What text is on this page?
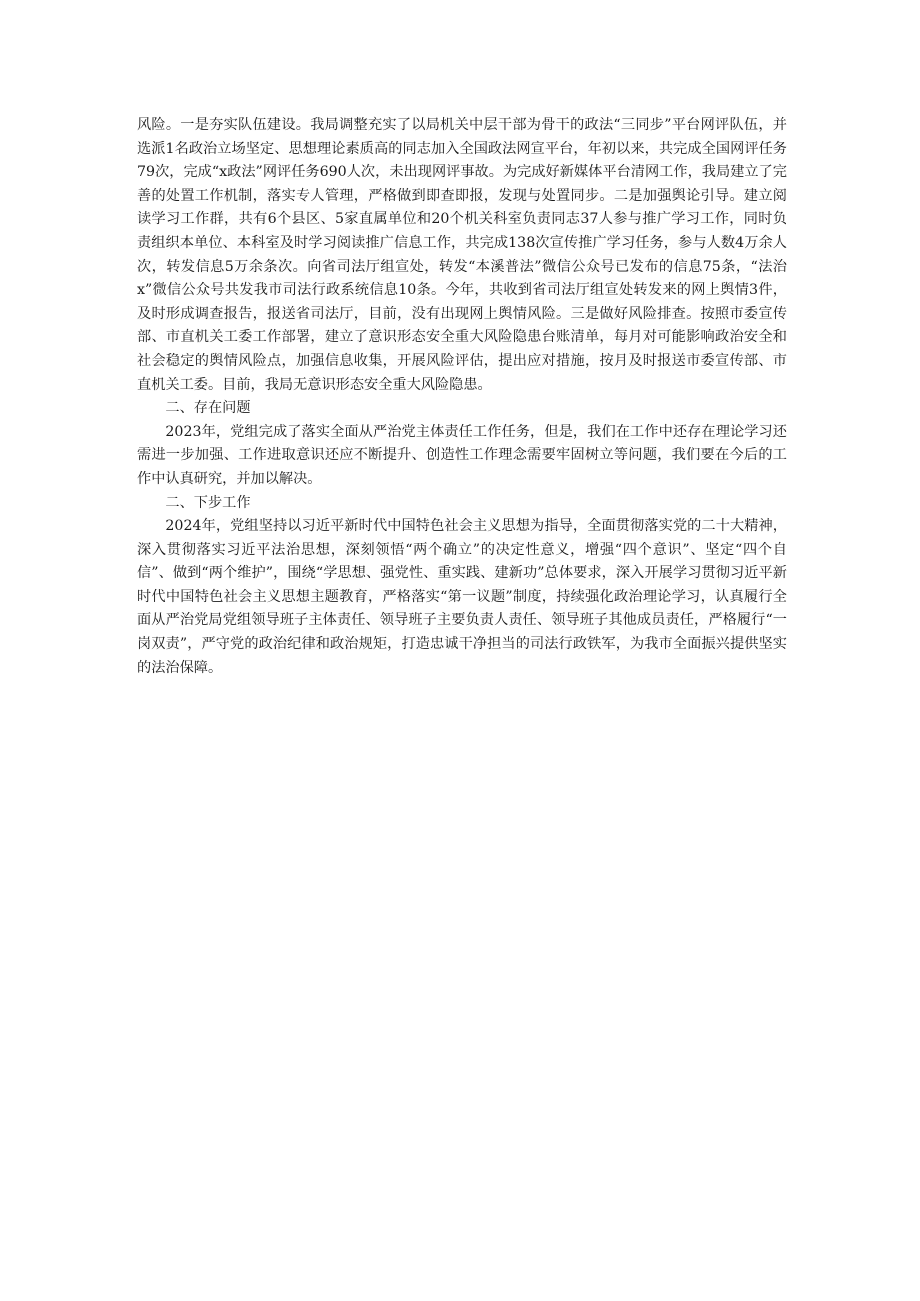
风险。一是夯实队伍建设。我局调整充实了以局机关中层干部为骨干的政法“三同步”平台网评队伍，并选派1名政治立场坚定、思想理论素质高的同志加入全国政法网宣平台，年初以来，共完成全国网评任务79次，完成“x政法”网评任务690人次，未出现网评事故。为完成好新媒体平台清网工作，我局建立了完善的处置工作机制，落实专人管理，严格做到即查即报，发现与处置同步。二是加强舆论引导。建立阅读学习工作群，共有6个县区、5家直属单位和20个机关科室负责同志37人参与推广学习工作，同时负责组织本单位、本科室及时学习阅读推广信息工作，共完成138次宣传推广学习任务，参与人数4万余人次，转发信息5万余条次。向省司法厅组宣处，转发“本溪普法”微信公众号已发布的信息75条，“法治x”微信公众号共发我市司法行政系统信息10条。今年，共收到省司法厅组宣处转发来的网上舆情3件，及时形成调查报告，报送省司法厅，目前，没有出现网上舆情风险。三是做好风险排查。按照市委宣传部、市直机关工委工作部署，建立了意识形态安全重大风险隐患台账清单，每月对可能影响政治安全和社会稳定的舆情风险点，加强信息收集，开展风险评估，提出应对措施，按月及时报送市委宣传部、市直机关工委。目前，我局无意识形态安全重大风险隐患。

二、存在问题

2023年，党组完成了落实全面从严治党主体责任工作任务，但是，我们在工作中还存在理论学习还需进一步加强、工作进取意识还应不断提升、创造性工作理念需要牢固树立等问题，我们要在今后的工作中认真研究，并加以解决。

二、下步工作

2024年，党组坚持以习近平新时代中国特色社会主义思想为指导，全面贯彻落实党的二十大精神，深入贯彻落实习近平法治思想，深刻领悟“两个确立”的决定性意义，增强“四个意识”、坚定“四个自信”、做到“两个维护”，围绕“学思想、强党性、重实践、建新功”总体要求，深入开展学习贯彻习近平新时代中国特色社会主义思想主题教育，严格落实“第一议题”制度，持续强化政治理论学习，认真履行全面从严治党局党组领导班子主体责任、领导班子主要负责人责任、领导班子其他成员责任，严格履行“一岗双责”，严守党的政治纪律和政治规矩，打造忠诚干净担当的司法行政铁军，为我市全面振兴提供坚实的法治保障。
